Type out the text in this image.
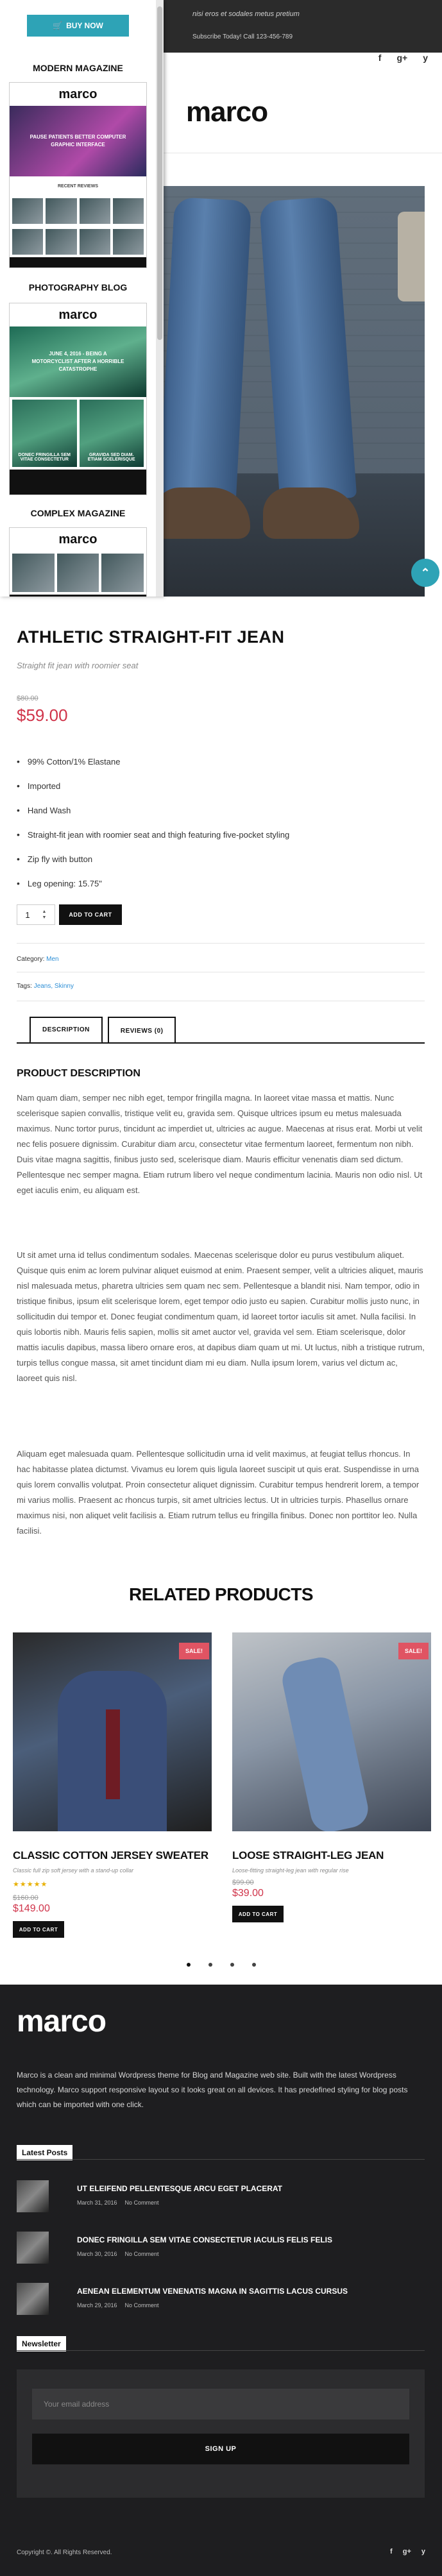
nisi eros et sodales metus pretium
Subscribe Today! Call 123-456-789
f g+ y
marco
⌃
🛒 BUY NOW
MODERN MAGAZINE
marco
PAUSE PATIENTS BETTER COMPUTER GRAPHIC INTERFACE
RECENT REVIEWS
PHOTOGRAPHY BLOG
marco
JUNE 4, 2016 - BEING A MOTORCYCLIST AFTER A HORRIBLE CATASTROPHE
DONEC FRINGILLA SEM VITAE CONSECTETUR
GRAVIDA SED DIAM. ETIAM SCELERISQUE
COMPLEX MAGAZINE
marco
ATHLETIC STRAIGHT-FIT JEAN
Straight fit jean with roomier seat
$80.00
$59.00
• 99% Cotton/1% Elastane
• Imported
• Hand Wash
• Straight-fit jean with roomier seat and thigh featuring five-pocket styling
• Zip fly with button
• Leg opening: 15.75"
1	▲
▼	ADD TO CART
Category: Men
Tags: Jeans, Skinny
DESCRIPTION	REVIEWS (0)
PRODUCT DESCRIPTION

Nam quam diam, semper nec nibh eget, tempor fringilla magna. In laoreet vitae massa et mattis. Nunc scelerisque sapien convallis, tristique velit eu, gravida sem. Quisque ultrices ipsum eu metus malesuada maximus. Nunc tortor purus, tincidunt ac imperdiet ut, ultricies ac augue. Maecenas at risus erat. Morbi ut velit nec felis posuere dignissim. Curabitur diam arcu, consectetur vitae fermentum laoreet, fermentum non nibh. Duis vitae magna sagittis, finibus justo sed, scelerisque diam. Mauris efficitur venenatis diam sed dictum. Pellentesque nec semper magna. Etiam rutrum libero vel neque condimentum lacinia. Mauris non odio nisl. Ut eget iaculis enim, eu aliquam est.

Ut sit amet urna id tellus condimentum sodales. Maecenas scelerisque dolor eu purus vestibulum aliquet. Quisque quis enim ac lorem pulvinar aliquet euismod at enim. Praesent semper, velit a ultricies aliquet, mauris nisl malesuada metus, pharetra ultricies sem quam nec sem. Pellentesque a blandit nisi. Nam tempor, odio in tristique finibus, ipsum elit scelerisque lorem, eget tempor odio justo eu sapien. Curabitur mollis justo nunc, in sollicitudin dui tempor et. Donec feugiat condimentum quam, id laoreet tortor iaculis sit amet. Nulla facilisi. In quis lobortis nibh. Mauris felis sapien, mollis sit amet auctor vel, gravida vel sem. Etiam scelerisque, dolor mattis iaculis dapibus, massa libero ornare eros, at dapibus diam quam ut mi. Ut luctus, nibh a tristique rutrum, turpis tellus congue massa, sit amet tincidunt diam mi eu diam. Nulla ipsum lorem, varius vel dictum ac, laoreet quis nisl.

Aliquam eget malesuada quam. Pellentesque sollicitudin urna id velit maximus, at feugiat tellus rhoncus. In hac habitasse platea dictumst. Vivamus eu lorem quis ligula laoreet suscipit ut quis erat. Suspendisse in urna quis lorem convallis volutpat. Proin consectetur aliquet dignissim. Curabitur tempus hendrerit lorem, a tempor mi varius mollis. Praesent ac rhoncus turpis, sit amet ultricies lectus. Ut in ultricies turpis. Phasellus ornare maximus nisi, non aliquet velit facilisis a. Etiam rutrum tellus eu fringilla finibus. Donec non porttitor leo. Nulla facilisi.

RELATED PRODUCTS
SALE!
CLASSIC COTTON JERSEY SWEATER
Classic full zip soft jersey with a stand-up collar
★★★★★
$160.00
$149.00
ADD TO CART
SALE!
LOOSE STRAIGHT-LEG JEAN
Loose-fitting straight-leg jean with regular rise
$99.00
$39.00
ADD TO CART
marco

Marco is a clean and minimal Wordpress theme for Blog and Magazine web site. Built with the latest Wordpress technology. Marco support responsive layout so it looks great on all devices. It has predefined styling for blog posts which can be imported with one click.

Latest Posts
UT ELEIFEND PELLENTESQUE ARCU EGET PLACERAT
March 31, 2016 No Comment
DONEC FRINGILLA SEM VITAE CONSECTETUR IACULIS FELIS FELIS
March 30, 2016 No Comment
AENEAN ELEMENTUM VENENATIS MAGNA IN SAGITTIS LACUS CURSUS
March 29, 2016 No Comment
Newsletter
Your email address
SIGN UP
Copyright ©. All Rights Reserved.	f g+ y
